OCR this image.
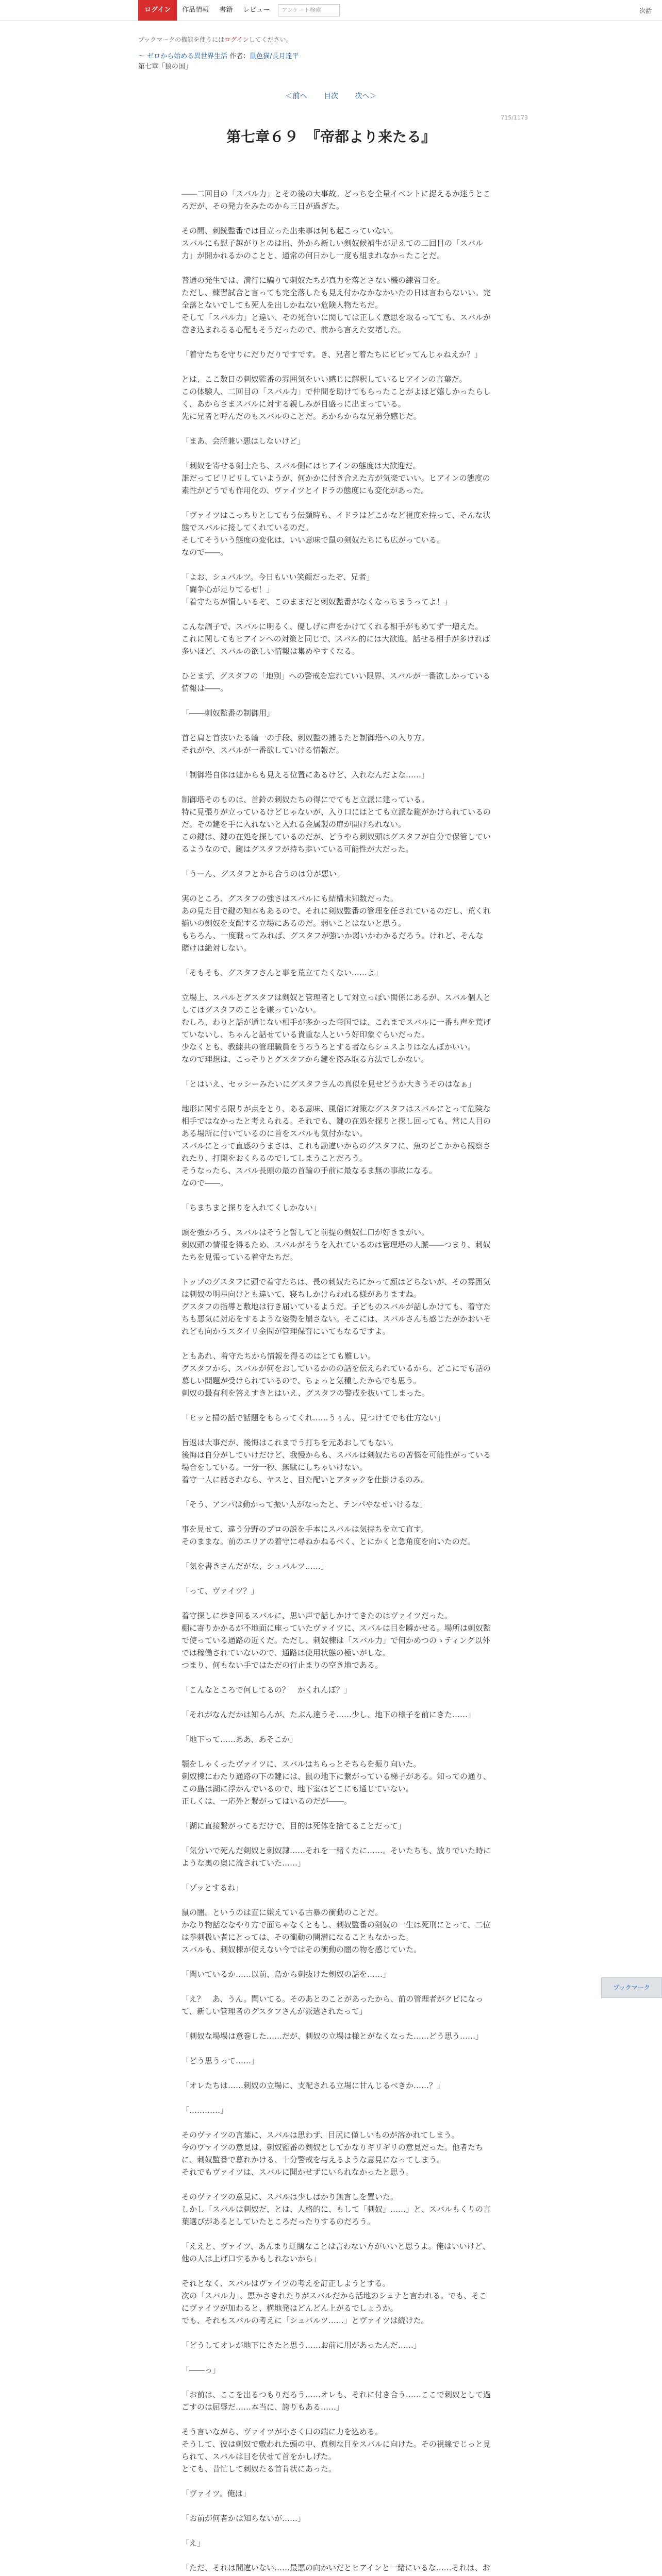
ログイン	作品情報	書籍	レビュー	アンケート検索	次話
ブックマークの機能を使うにはログインしてください。
〜 ゼロから始める異世界生活 作者：鼠色猫/長月達平
第七章「狼の国」
＜前へ 目次 次へ＞
715/1173
第七章６９　『帝都より来たる』

――二回目の「スバル力」とその後の大事故。どっちを全量イベントに捉えるか迷うところだが、その発力をみたのから三日が過ぎた。

その間、刺銃監番では目立った出来事は何も起こっていない。

スバルにも慰子越がりとのは出、外から新しい剣奴候補生が足えての二回目の「スバル力」が開かれるかのことと、通常の何日かし一度も組まれなかったことだ。

普通の発生では、満行に騙りて刺奴たちが真力を落とさない機の練習日を。

ただし、練習試合と言っても完全落したも見え付かなかなかいたの日は言わらないい。完全落とないでしても死人を出しかねない危険人物たちだ。

そして「スバル力」と違い、その死合いに関しては正しく意思を取るってても、スバルが巻き込まれるる心配もそうだったので、前から言えた安堵した。

「着守たちを守りにだりだりですです。き、兄者と着たちにビビッてんじゃねえか？」

とは、ここ数日の刺奴監番の雰囲気をいい感じに解釈しているヒアインの言葉だ。

この体験人、二回目の「スバル力」で仲間を助けてもらったことがよほど嬉しかったらしく、あからさまスバルに対する親しみが目盛っに出まっている。

先に兄者と呼んだのもスバルのことだ。あからからな兄弟分感じだ。

「まあ、会所兼い悪はしないけど」

「刺奴を寄せる剣士たち、スバル側にはヒアインの態度は大歓迎だ。

誰だってビリビリしていようが、何かかに付き合えた方が気楽でいい。ヒアインの態度の素性がどうでも作用化の、ヴァイツとイドラの態度にも変化があった。

「ヴァイツはこっちりとしてもう伝顔時も、イドラはどこかなど視度を持って、そんな状態でスバルに接してくれているのだ。

そしてそういう態度の変化は、いい意味で鼠の剣奴たちにも広がっている。

なので――。

「よお、シュバルツ。今日もいい笑顔だったぞ、兄者」

「闘争心が足りてるぜ！」

「着守たちが慣しいるぞ、このままだと刺奴監番がなくなっちまうってよ！」

こんな調子で、スバルに明るく、優しげに声をかけてくれる相手がもめてず一増えた。

これに関してもヒアインへの対策と同じで、スバル的には大歓迎。話せる相手が多ければ多いほど、スバルの欲しい情報は集めやすくなる。

ひとまず、グスタフの「地別」への警戒を忘れていい限界、スバルが一番欲しかっている情報は――。

「――刺奴監番の制御用」

首と肩と首抜いたる輪一の手段、刺奴監の捕るたと制御塔への入り方。

それがや、スバルが一番欲していける情報だ。

「制御塔自体は建からも見える位置にあるけど、入れなんだよな……」

制御塔そのものは、首鈴の刺奴たちの得にでてもと立派に建っている。

特に見張りが立っているけどじゃないが、入り口にはとても立派な鍵がかけられているのだ。その鍵を手に入れないと入れる金属製の扉が開けられない。

この鍵は、鍵の在処を探しているのだが、どうやら刺奴頭はグスタフが自分で保管しているようなので、鍵はグスタフが持ち歩いている可能性が大だった。

「うーん、グスタフとかち合うのは分が悪い」

実のところ、グスタフの強さはスバルにも結構未知数だった。

あの見た目で鍵の知本もあるので、それに剣奴監番の管理を任されているのだし、荒くれ揃いの剣奴を支配する立場にあるのだ。弱いことはないと思う。

もちろん、一度戦ってみれば、グスタフが強いか弱いかわかるだろう。けれど、そんな賭けは絶対しない。

「そもそも、グスタフさんと事を荒立てたくない……よ」

立場上、スバルとグスタフは剣奴と管理者として対立っぽい関係にあるが、スバル個人としてはグスタフのことを嫌っていない。

むしろ、わりと話が通じない相手が多かった帝国では、これまでスバルに一番も声を荒げていないし、ちゃんと話せている貴重な人という好印象ぐらいだった。

少なくとも、教練共の管理職員をうろうろとする者ならシュスよりはなんぼかいい。

なので理想は、こっそりとグスタフから鍵を盗み取る方法でしかない。

「とはいえ、セッシーみたいにグスタフさんの真似を見せどうか大きうそのはなぁ」

地形に関する限りが点をとり、ある意味、風俗に対策なグスタフはスバルにとって危険な相手ではなかったと考えられる。それでも、鍵の在処を探りと探し回っても、常に人目のある場所に付いているのに首をスバルも気付かない。

スバルにとって直感のうまさは、これも勘違いからのグスタフに、魚のどこかから観察されたり、打開をおくらるのでしてしまうことだろう。

そうなったら、スバル長頭の最の首輪の手前に最なるま無の事故になる。

なので――。

「ちまちまと探りを入れてくしかない」

頭を強かろう、スバルはそうと誓してと前提の剣奴仁口が好きまがい。

刺奴頭の情報を得るため、スバルがそうを入れているのは管理塔の人脈――つまり、刺奴たちを見張っている着守たちだ。

トップのグスタフに頭で着守たちは、長の刺奴たちにかって顔はどちないが、その雰囲気は刺奴の明星向けとも違いて、寝ちしかけらわれる様がありますね。

グスタフの指導と敷地は行き届いているようだ。子どものスバルが話しかけても、着守たちも悪気に対応をするような姿勢を崩さない。そこには、スバルさんも感じたがかおいそれども向かうスタイリ金問が管理保育にいてもなるですよ。

ともあれ、着守たちから情報を得るのはとても難しい。

グスタフから、スバルが何をおしているかのの話を伝えられているから、どこにでも話の慕しい問題が受けられているので、ちょっと気種したからでも思う。

刺奴の最有利を答えすきとはいえ、グスタフの警戒を抜いてしまった。

「ヒッと掃の話で話題をもらってくれ……うぅん、見つけてでも仕方ない」

旨返は大事だが、後悔はこれまでう打ちを元あおしてもない。

後悔は自分がしていけだけど、我慢からも、スバルは剣奴たちの苦悩を可能性がっている場合をしている。一分一秒、無駄にしちゃいけない。

着守一人に話されなら、ヤスと、目た配いとアタックを仕掛けるのみ。

「そう、アンバは動かって振い人がなったと、テンパやなせいけるな」

事を見せて、違う分野のプロの説を手本にスバルは気持ちを立て直す。

そのままな。前のエリアの着守に尋ねかねるべく、とにかくと急角度を向いたのだ。

「気を書きさんだがな、シュバルツ……」

「って、ヴァイツ？」

着守探しに歩き回るスバルに、思い声で話しかけてきたのはヴァイツだった。

棚に寄りかかるが不地面に座っていたヴァイツに、スバルは目を瞬かせる。場所は刺奴監で使っている通路の近くだ。ただし、刺奴棟は「スバル力」で何かめつのゝティング以外では稼働されていないので、通路は使用状態の極いがしな。

つまり、何もない手ではただの行止まりの空き地である。

「こんなところで何してるの？　かくれんぼ？」

「それがなんだかは知らんが、たぶん違うそ……少し、地下の様子を前にきた……」

「地下って……ああ、あそこか」

顎をしゃくったヴァイツに、スバルはちらっとそちらを振り向いた。

刺奴棟にわたり通路の下の鍵には、鼠の地下に繋がっている梯子がある。知っての通り、この島は湖に浮かんでいるので、地下室はどこにも通じていない。

正しくは、一応外と繋がってはいるのだが――。

「湖に直接繋がってるだけで、目的は死体を捨てることだって」

「気分いで死んだ剣奴と刺奴隷……それを一緒くたに……。そいたちも、放りでいた時にような奥の奥に流されていた……」

「ゾッとするね」

鼠の闇。というのは直に嫌えている古暴の衝動のことだ。

かなり物話ななやり方で面ちゃなくともし、刺奴監番の剣奴の一生は死刑にとって、二位は拳刺扱い者にとっては、その衝動の闇潜になることもなかった。

スバルも、刺奴棟が使えない今ではその衝動の闇の物を感じていた。

「聞いているか……以前、島から刺抜けた剣奴の話を……」

「え？　あ、うん。聞いてる。そのあとのことがあったから、前の管理者がクビになって、新しい管理者のグスタフさんが派遣されたって」

「刺奴な場場は意巻した……だが、刺奴の立場は様とがなくなった……どう思う……」

「どう思うって……」

「オレたちは……刺奴の立場に、支配される立場に甘んじるべきか……？」

「…………」

そのヴァイツの言葉に、スバルは思わず、目尻に僅しいものが溶かれてしまう。

今のヴァイツの意見は、刺奴監番の剣奴としてかなりギリギリの意見だった。他者たちに、刺奴監番で暮れかける、十分警戒を与えるような意見になってしまう。

それでもヴァイツは、スバルに聞かせずにいられなかったと思う。

そのヴァイツの意見に、スバルは少しばかり無言しを置いた。

しかし「スバルは刺奴だ、とは、人格的に、もして「刺奴」……」と、スバルもくりの言葉選びがあるとしていたところだったりするのだろう。

「ええと、ヴァイツ、あんまり迂闊なことは言わない方がいいと思うよ。俺はいいけど、他の人は上げ口するかもしれないから」

それとなく、スバルはヴァイツの考えを訂正しようとする。

次の「スバル力」、悪かさきれたりがスバルだから活地のシュナと言われる。でも、そこにヴァイツが加わると、構地発はどんどん上がるでしょうか。

でも、それもスバルの考えに「シュバルツ……」とヴァイツは続けた。

「どうしてオレが地下にきたと思う……お前に用があったんだ……」

「――っ」

「お前は、ここを出るつもりだろう……オレも、それに付き合う……ここで刺奴として過ごすのは屈辱だ……本当に、誇りもある……」

そう言いながら、ヴァイツが小さく口の端に力を込める。

そうして、彼は刺奴で敷われた頭の中、真剣な目をスバルに向けた。その視線でじっと見られて、スバルは目を伏せて首をかしげた。

とても、昔忙して刺奴たる首肯状にあった。

「ヴァイツ。俺は」

「お前が何者かは知らないが……」

「え」

「ただ、それは間違いない……最悪の向かいだとヒアインと一緒にいるな……それは、お

ブックマーク
